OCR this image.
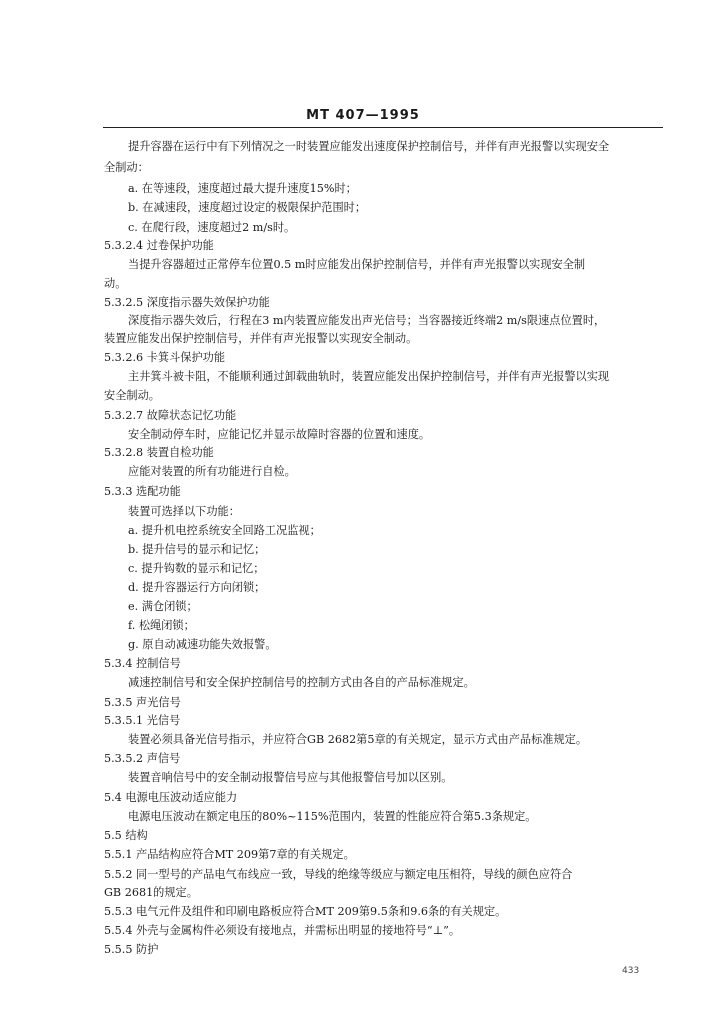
MT 407—1995
提升容器在运行中有下列情况之一时装置应能发出速度保护控制信号，并伴有声光报警以实现安全
全制动：
a. 在等速段，速度超过最大提升速度15%时；
b. 在减速段，速度超过设定的极限保护范围时；
c. 在爬行段，速度超过2 m/s时。
5.3.2.4 过卷保护功能
当提升容器超过正常停车位置0.5 m时应能发出保护控制信号，并伴有声光报警以实现安全制
动。
5.3.2.5 深度指示器失效保护功能
深度指示器失效后，行程在3 m内装置应能发出声光信号；当容器接近终端2 m/s限速点位置时，
装置应能发出保护控制信号，并伴有声光报警以实现安全制动。
5.3.2.6 卡箕斗保护功能
主井箕斗被卡阻，不能顺利通过卸载曲轨时，装置应能发出保护控制信号，并伴有声光报警以实现
安全制动。
5.3.2.7 故障状态记忆功能
安全制动停车时，应能记忆并显示故障时容器的位置和速度。
5.3.2.8 装置自检功能
应能对装置的所有功能进行自检。
5.3.3 选配功能
装置可选择以下功能：
a. 提升机电控系统安全回路工况监视；
b. 提升信号的显示和记忆；
c. 提升钩数的显示和记忆；
d. 提升容器运行方向闭锁；
e. 满仓闭锁；
f. 松绳闭锁；
g. 原自动减速功能失效报警。
5.3.4 控制信号
减速控制信号和安全保护控制信号的控制方式由各自的产品标准规定。
5.3.5 声光信号
5.3.5.1 光信号
装置必须具备光信号指示，并应符合GB 2682第5章的有关规定，显示方式由产品标准规定。
5.3.5.2 声信号
装置音响信号中的安全制动报警信号应与其他报警信号加以区别。
5.4 电源电压波动适应能力
电源电压波动在额定电压的80%~115%范围内，装置的性能应符合第5.3条规定。
5.5 结构
5.5.1 产品结构应符合MT 209第7章的有关规定。
5.5.2 同一型号的产品电气布线应一致，导线的绝缘等级应与额定电压相符，导线的颜色应符合
GB 2681的规定。
5.5.3 电气元件及组件和印刷电路板应符合MT 209第9.5条和9.6条的有关规定。
5.5.4 外壳与金属构件必须设有接地点，并需标出明显的接地符号“⊥”。
5.5.5 防护
433
